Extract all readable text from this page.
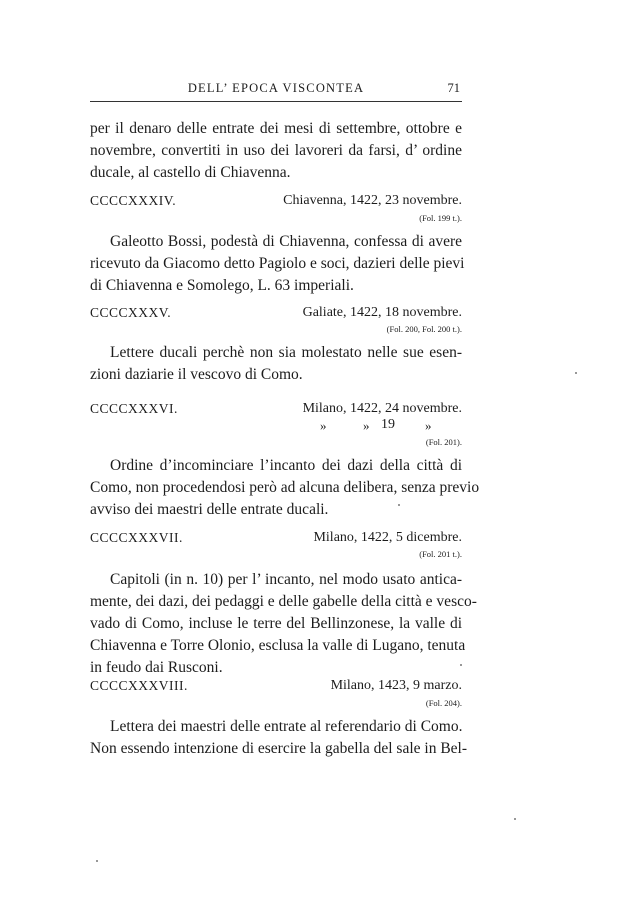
DELL’ EPOCA VISCONTEA	71
per il denaro delle entrate dei mesi di settembre, ottobre e
novembre, convertiti in uso dei lavoreri da farsi, d’ ordine
ducale, al castello di Chiavenna.
CCCCXXXIV.	Chiavenna, 1422, 23 novembre.
(Fol. 199 t.).
Galeotto Bossi, podestà di Chiavenna, confessa di avere
ricevuto da Giacomo detto Pagiolo e soci, dazieri delle pievi
di Chiavenna e Somolego, L. 63 imperiali.
CCCCXXXV.	Galiate, 1422, 18 novembre.
(Fol. 200, Fol. 200 t.).
Lettere ducali perchè non sia molestato nelle sue esen-
zioni daziarie il vescovo di Como.
CCCCXXXVI.	Milano, 1422, 24 novembre.
»	» 19 »
(Fol. 201).
Ordine d’incominciare l’incanto dei dazi della città di
Como, non procedendosi però ad alcuna delibera, senza previo
avviso dei maestri delle entrate ducali.
CCCCXXXVII.	Milano, 1422, 5 dicembre.
(Fol. 201 t.).
Capitoli (in n. 10) per l’ incanto, nel modo usato antica-
mente, dei dazi, dei pedaggi e delle gabelle della città e vesco-
vado di Como, incluse le terre del Bellinzonese, la valle di
Chiavenna e Torre Olonio, esclusa la valle di Lugano, tenuta
in feudo dai Rusconi.
CCCCXXXVIII.	Milano, 1423, 9 marzo.
(Fol. 204).
Lettera dei maestri delle entrate al referendario di Como.
Non essendo intenzione di esercire la gabella del sale in Bel-
